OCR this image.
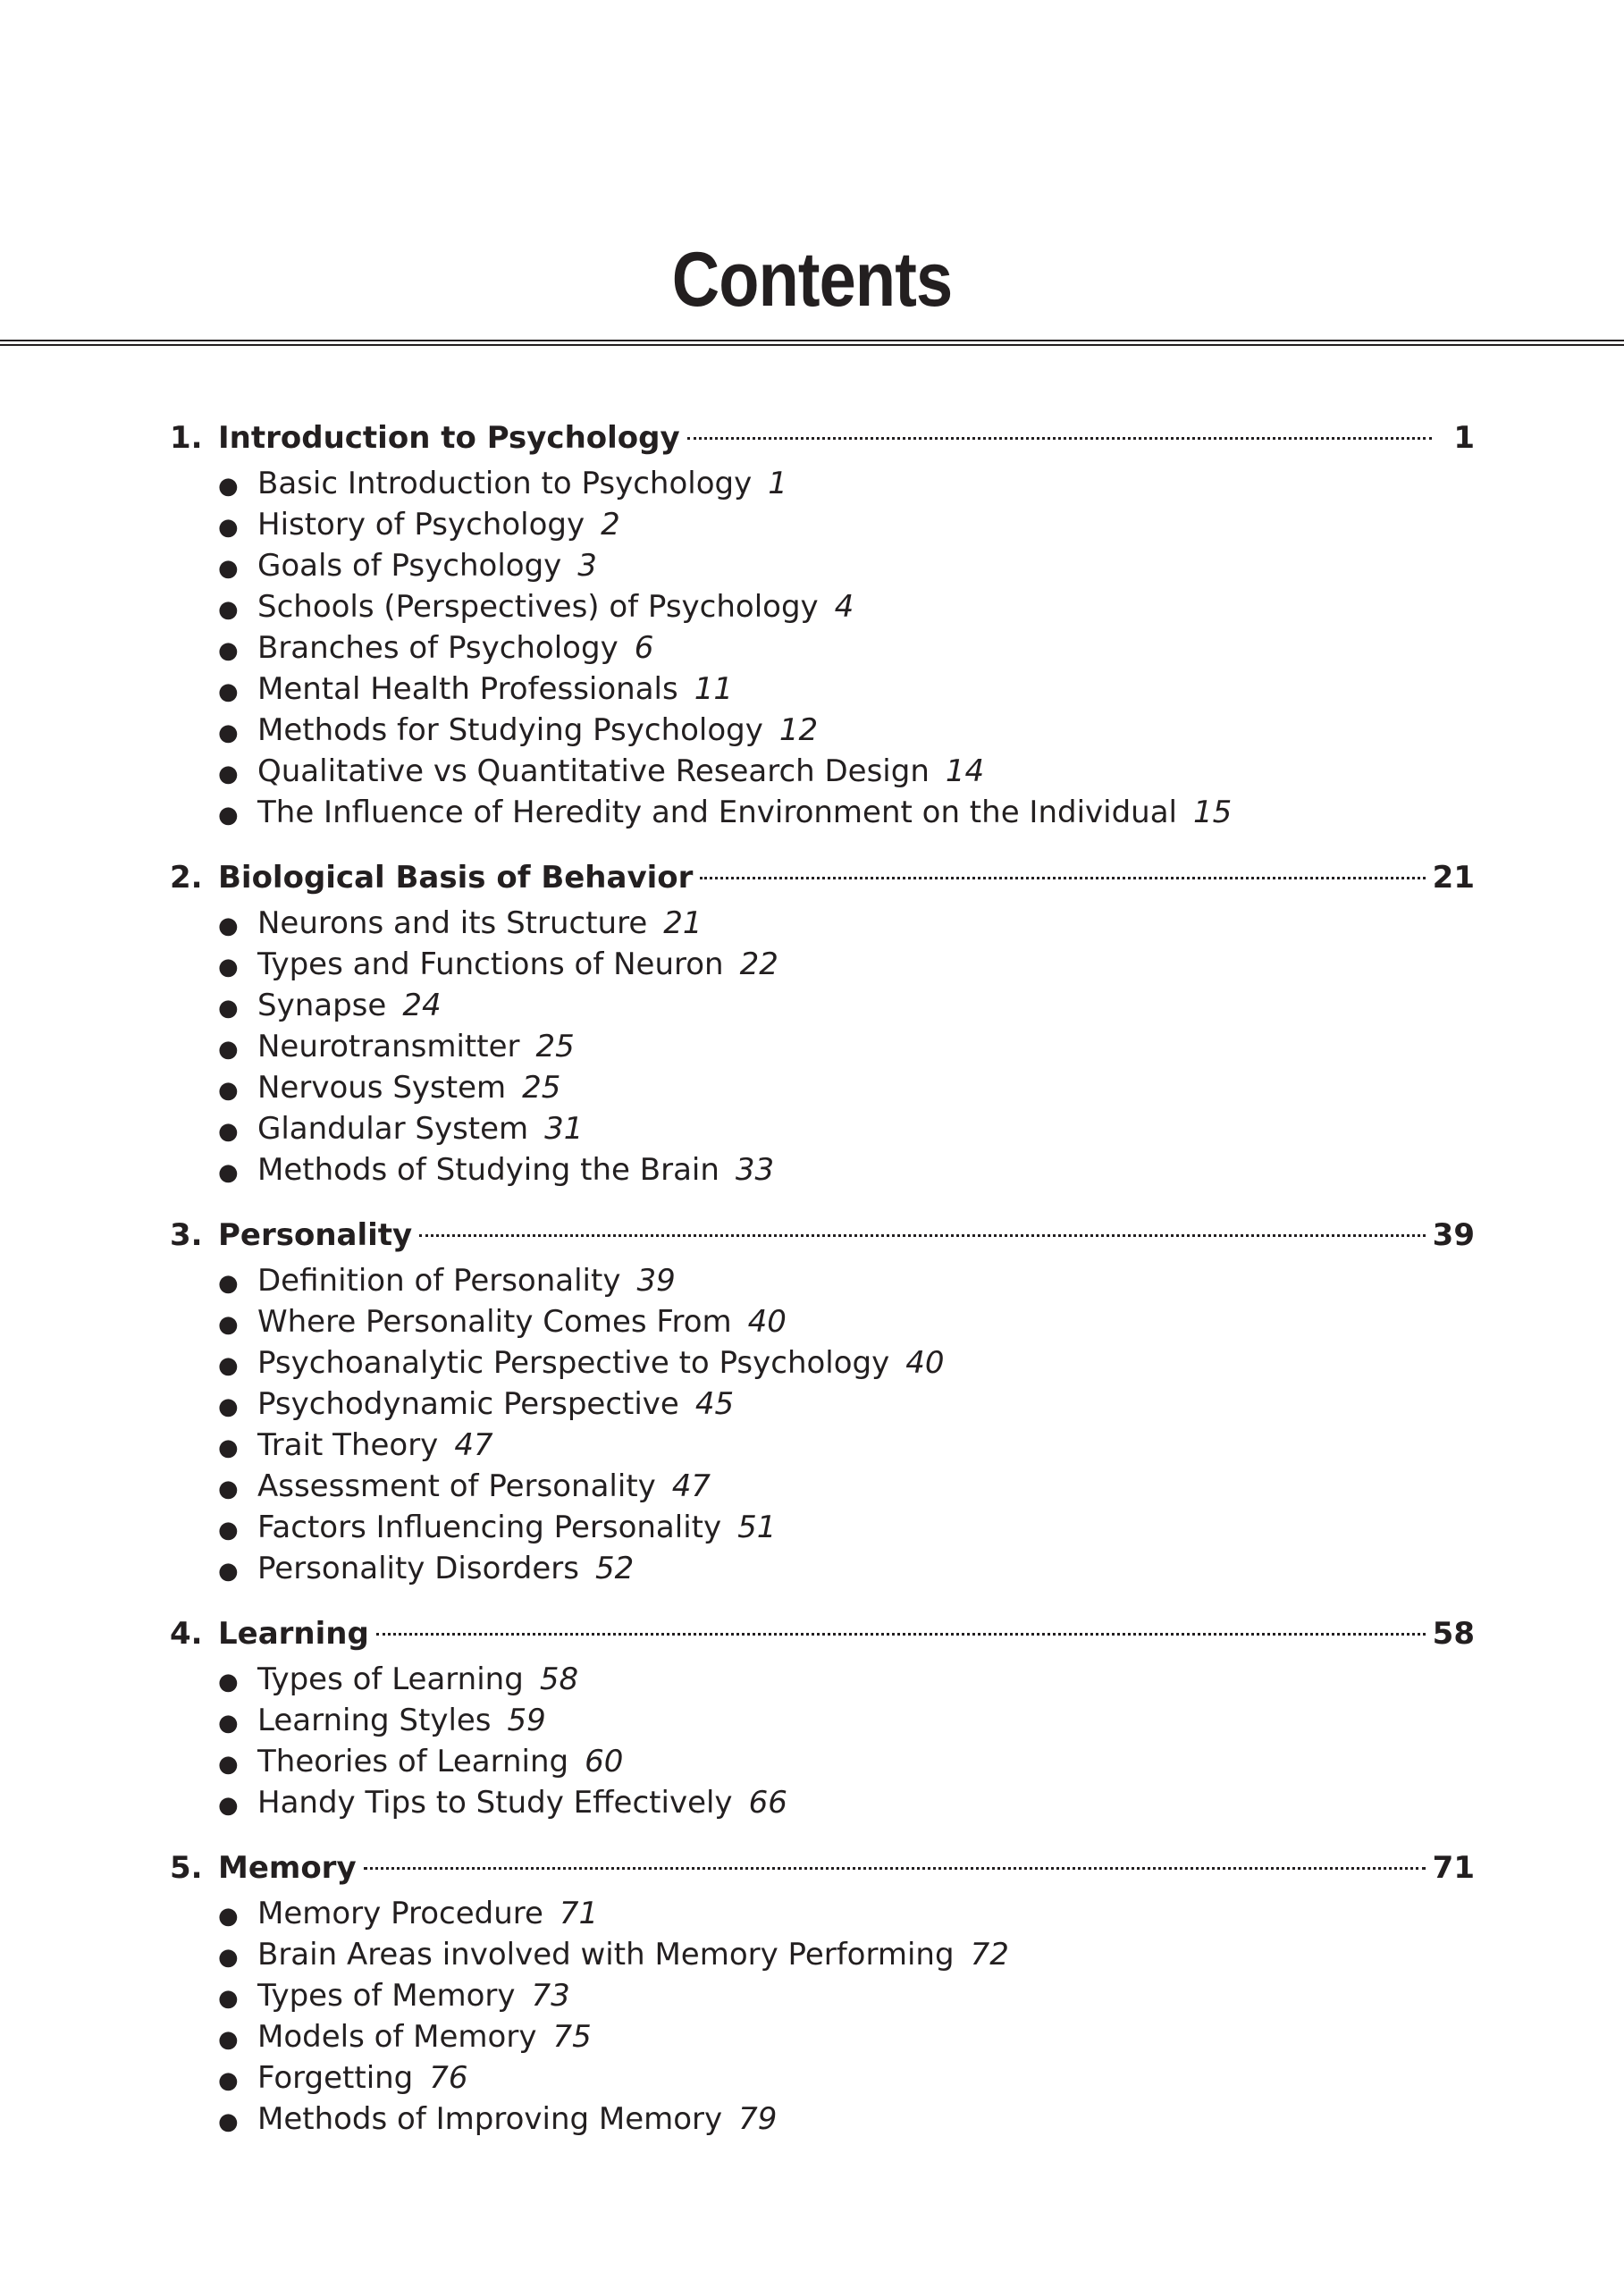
Contents
1. Introduction to Psychology	1
● Basic Introduction to Psychology 1
● History of Psychology 2
● Goals of Psychology 3
● Schools (Perspectives) of Psychology 4
● Branches of Psychology 6
● Mental Health Professionals 11
● Methods for Studying Psychology 12
● Qualitative vs Quantitative Research Design 14
● The Influence of Heredity and Environment on the Individual 15
2. Biological Basis of Behavior	21
● Neurons and its Structure 21
● Types and Functions of Neuron 22
● Synapse 24
● Neurotransmitter 25
● Nervous System 25
● Glandular System 31
● Methods of Studying the Brain 33
3. Personality	39
● Definition of Personality 39
● Where Personality Comes From 40
● Psychoanalytic Perspective to Psychology 40
● Psychodynamic Perspective 45
● Trait Theory 47
● Assessment of Personality 47
● Factors Influencing Personality 51
● Personality Disorders 52
4. Learning	58
● Types of Learning 58
● Learning Styles 59
● Theories of Learning 60
● Handy Tips to Study Effectively 66
5. Memory	71
● Memory Procedure 71
● Brain Areas involved with Memory Performing 72
● Types of Memory 73
● Models of Memory 75
● Forgetting 76
● Methods of Improving Memory 79
